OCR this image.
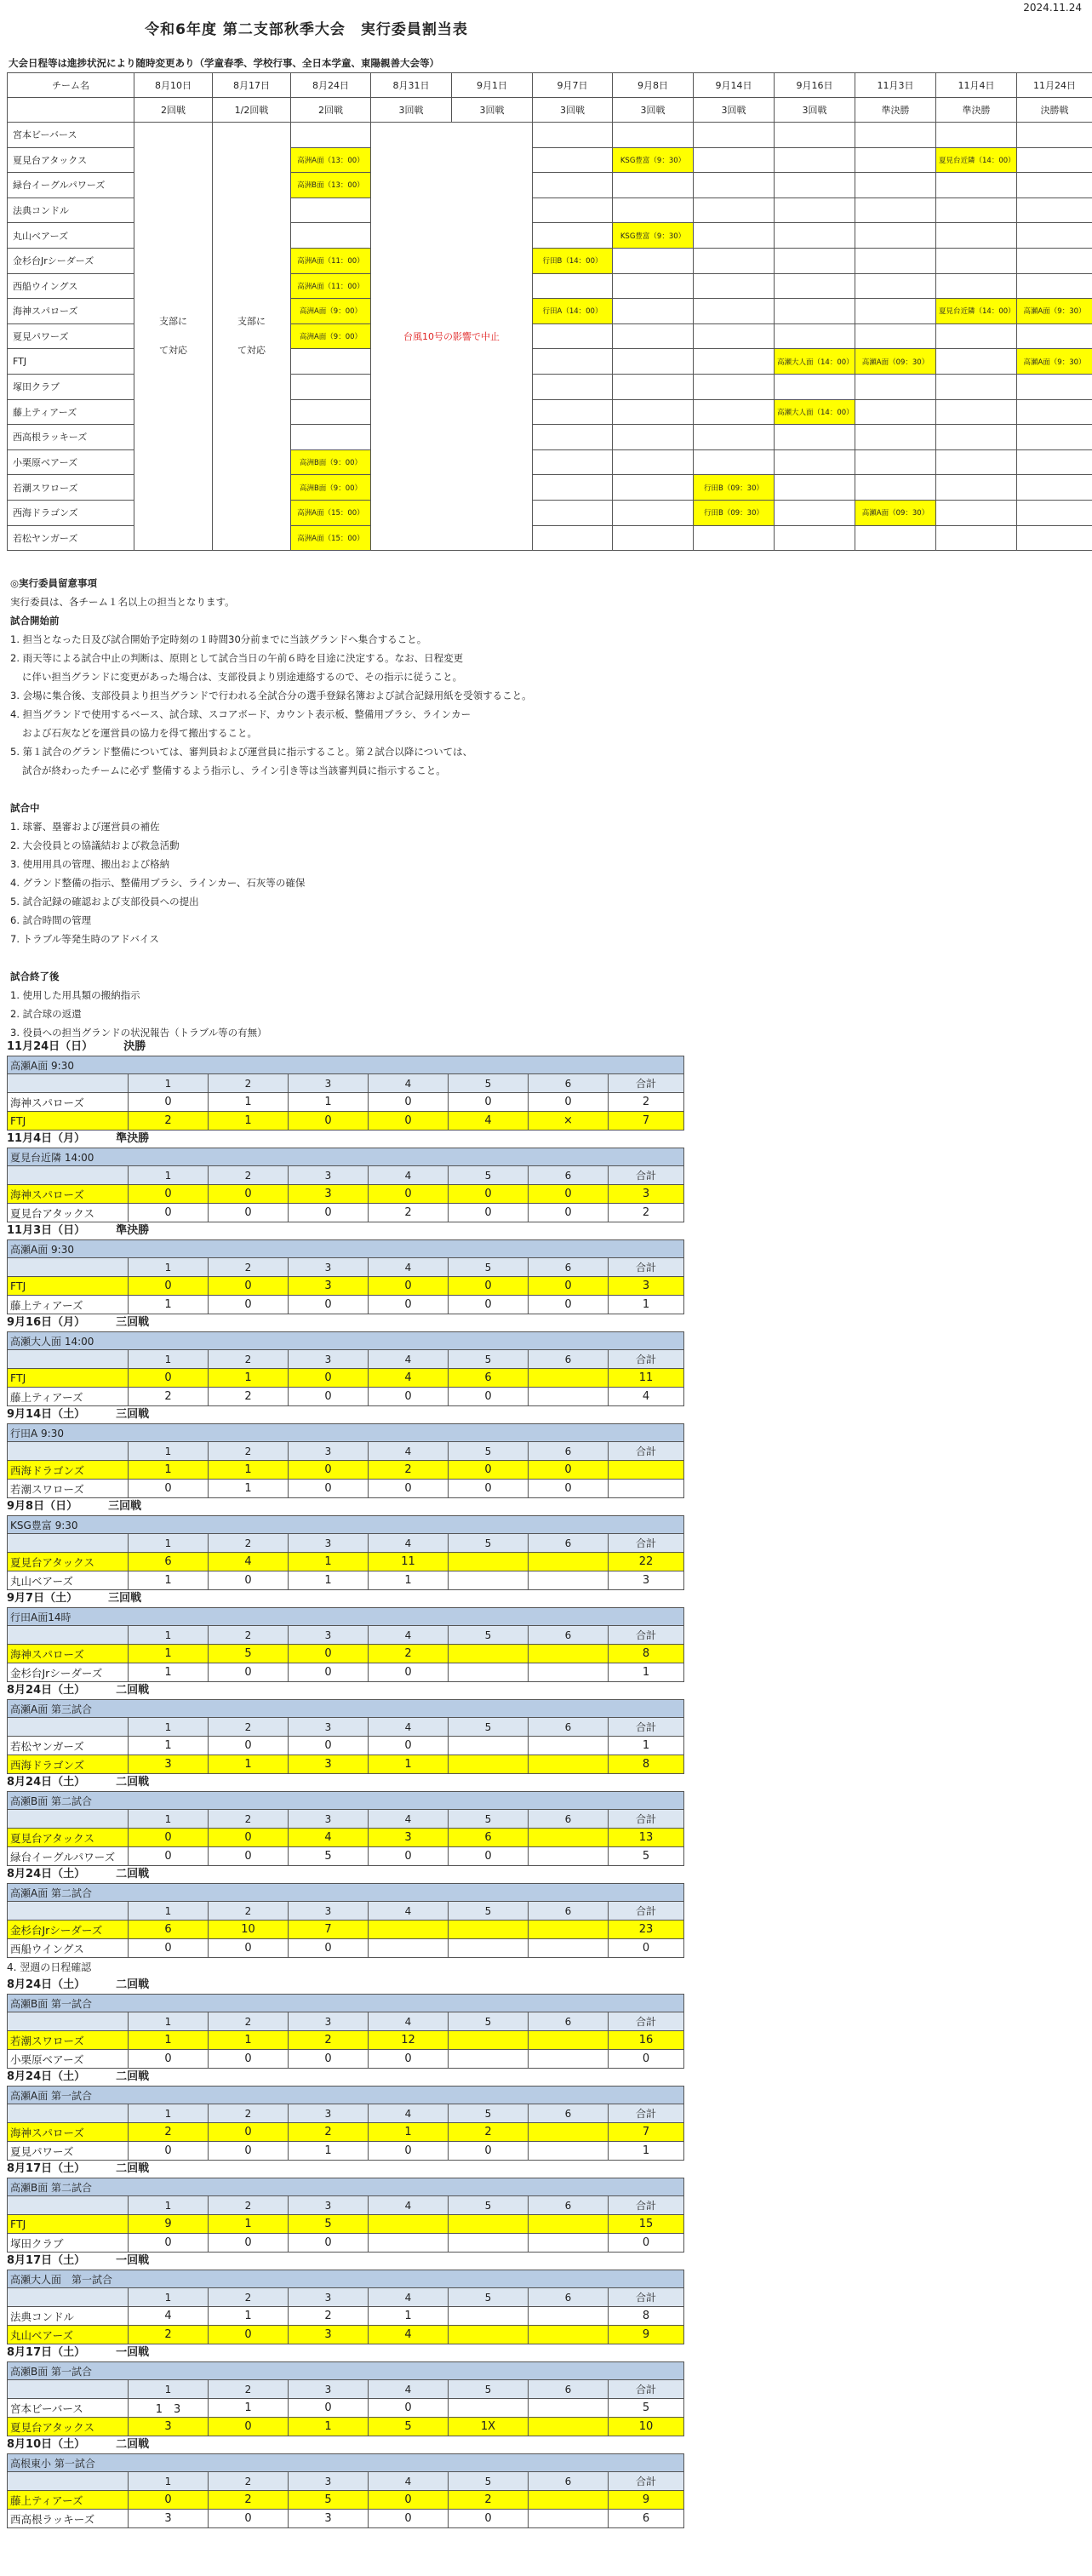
2024.11.24
令和6年度 第二支部秋季大会　実行委員割当表
大会日程等は進捗状況により随時変更あり（学童春季、学校行事、全日本学童、東陽親善大会等）
チーム名	8月10日	8月17日	8月24日	8月31日	9月1日	9月7日	9月8日	9月14日	9月16日	11月3日	11月4日	11月24日
	2回戦	1/2回戦	2回戦	3回戦	3回戦	3回戦	3回戦	3回戦	3回戦	準決勝	準決勝	決勝戦
宮本ビーバース	支部にて対応	支部にて対応		台風10号の影響で中止								
夏見台アタックス			高洲A面（13：00）				KSG豊富（9：30）				夏見台近隣（14：00）	
緑台イーグルパワーズ			高洲B面（13：00）									
法典コンドル												
丸山ベアーズ							KSG豊富（9：30）					
金杉台Jrシーダーズ			高洲A面（11：00）			行田B（14：00）						
西船ウイングス			高洲A面（11：00）									
海神スパローズ			高洲A面（9：00）			行田A（14：00）					夏見台近隣（14：00）	高瀬A面（9：30）
夏見パワーズ			高洲A面（9：00）									
FTJ									高瀬大人面（14：00）	高瀬A面（09：30）		高瀬A面（9：30）
塚田クラブ												
藤上ティアーズ									高瀬大人面（14：00）			
西高根ラッキーズ												
小栗原ベアーズ			高洲B面（9：00）									
若潮スワローズ			高洲B面（9：00）					行田B（09：30）				
西海ドラゴンズ			高洲A面（15：00）					行田B（09：30）		高瀬A面（09：30）		
若松ヤンガーズ			高洲A面（15：00）									
◎実行委員留意事項
実行委員は、各チーム１名以上の担当となります。
試合開始前
1. 担当となった日及び試合開始予定時刻の１時間30分前までに当該グランドへ集合すること。
2. 雨天等による試合中止の判断は、原則として試合当日の午前６時を目途に決定する。なお、日程変更
に伴い担当グランドに変更があった場合は、支部役員より別途連絡するので、その指示に従うこと。
3. 会場に集合後、支部役員より担当グランドで行われる全試合分の選手登録名簿および試合記録用紙を受領すること。
4. 担当グランドで使用するベース、試合球、スコアボード、カウント表示板、整備用ブラシ、ラインカー
および石灰などを運営員の協力を得て搬出すること。
5. 第１試合のグランド整備については、審判員および運営員に指示すること。第２試合以降については、
試合が終わったチームに必ず 整備するよう指示し、ライン引き等は当該審判員に指示すること。
試合中
1. 球審、塁審および運営員の補佐
2. 大会役員との協議結および救急活動
3. 使用用具の管理、搬出および格納
4. グランド整備の指示、整備用ブラシ、ラインカー、石灰等の確保
5. 試合記録の確認および支部役員への提出
6. 試合時間の管理
7. トラブル等発生時のアドバイス
試合終了後
1. 使用した用具類の搬納指示
2. 試合球の返還
3. 役員への担当グランドの状況報告（トラブル等の有無）
11月24日（日）	決勝
高瀬A面 9:30							
	1	2	3	4	5	6	合計
海神スパローズ	0	1	1	0	0	0	2
FTJ	2	1	0	0	4	×	7
11月4日（月）	準決勝
夏見台近隣 14:00							
	1	2	3	4	5	6	合計
海神スパローズ	0	0	3	0	0	0	3
夏見台アタックス	0	0	0	2	0	0	2
11月3日（日）	準決勝
高瀬A面 9:30							
	1	2	3	4	5	6	合計
FTJ	0	0	3	0	0	0	3
藤上ティアーズ	1	0	0	0	0	0	1
9月16日（月）	三回戦
高瀬大人面 14:00							
	1	2	3	4	5	6	合計
FTJ	0	1	0	4	6		11
藤上ティアーズ	2	2	0	0	0		4
9月14日（土）	三回戦
行田A 9:30							
	1	2	3	4	5	6	合計
西海ドラゴンズ	1	1	0	2	0	0	
若潮スワローズ	0	1	0	0	0	0	
9月8日（日）	三回戦
KSG豊富 9:30							
	1	2	3	4	5	6	合計
夏見台アタックス	6	4	1	11			22
丸山ベアーズ	1	0	1	1			3
9月7日（土）	三回戦
行田A面14時							
	1	2	3	4	5	6	合計
海神スパローズ	1	5	0	2			8
金杉台Jrシーダーズ	1	0	0	0			1
8月24日（土）	二回戦
高瀬A面 第三試合							
	1	2	3	4	5	6	合計
若松ヤンガーズ	1	0	0	0			1
西海ドラゴンズ	3	1	3	1			8
8月24日（土）	二回戦
高瀬B面 第二試合							
	1	2	3	4	5	6	合計
夏見台アタックス	0	0	4	3	6		13
緑台イーグルパワーズ	0	0	5	0	0		5
8月24日（土）	二回戦
高瀬A面 第二試合							
	1	2	3	4	5	6	合計
金杉台Jrシーダーズ	6	10	7				23
西船ウイングス	0	0	0				0
4. 翌週の日程確認
8月24日（土）	二回戦
高瀬B面 第一試合							
	1	2	3	4	5	6	合計
若潮スワローズ	1	1	2	12			16
小栗原ベアーズ	0	0	0	0			0
8月24日（土）	二回戦
高瀬A面 第一試合							
	1	2	3	4	5	6	合計
海神スパローズ	2	0	2	1	2		7
夏見パワーズ	0	0	1	0	0		1
8月17日（土）	二回戦
高瀬B面 第二試合							
	1	2	3	4	5	6	合計
FTJ	9	1	5				15
塚田クラブ	0	0	0				0
8月17日（土）	一回戦
高瀬大人面　第一試合							
	1	2	3	4	5	6	合計
法典コンドル	4	1	2	1			8
丸山ベアーズ	2	0	3	4			9
8月17日（土）	一回戦
高瀬B面 第一試合							
	1	2	3	4	5	6	合計
宮本ビーバース	1　3	1	0	0			5
夏見台アタックス	3	0	1	5	1X		10
8月10日（土）	二回戦
高根東小 第一試合							
	1	2	3	4	5	6	合計
藤上ティアーズ	0	2	5	0	2		9
西高根ラッキーズ	3	0	3	0	0		6
